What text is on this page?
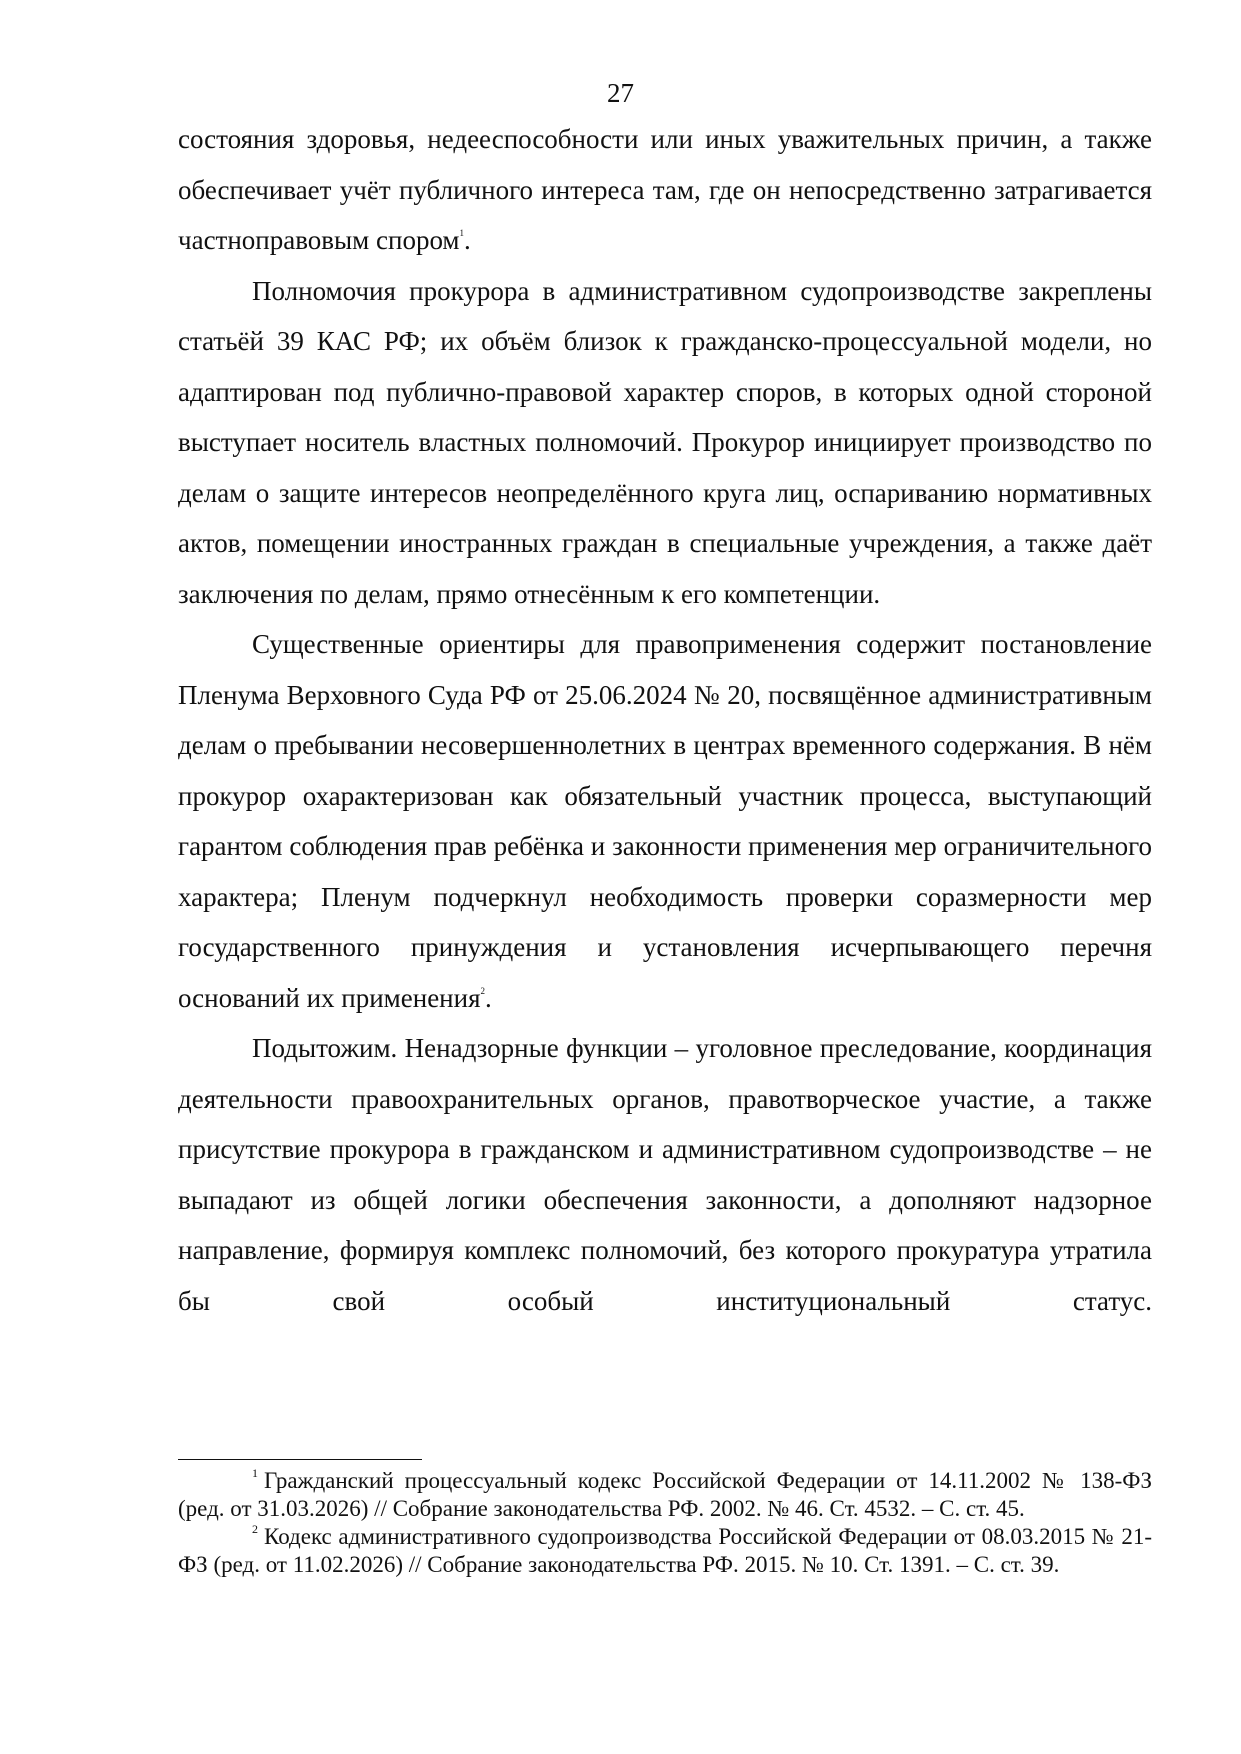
27

состояния здоровья, недееспособности или иных уважительных причин, а также обеспечивает учёт публичного интереса там, где он непосредственно затрагивается частноправовым спором$^1$.

Полномочия прокурора в административном судопроизводстве закреплены статьёй 39 КАС РФ; их объём близок к гражданско-процессуальной модели, но адаптирован под публично-правовой характер споров, в которых одной стороной выступает носитель властных полномочий. Прокурор инициирует производство по делам о защите интересов неопределённого круга лиц, оспариванию нормативных актов, помещении иностранных граждан в специальные учреждения, а также даёт заключения по делам, прямо отнесённым к его компетенции.

Существенные ориентиры для правоприменения содержит постановление Пленума Верховного Суда РФ от 25.06.2024 № 20, посвящённое административным делам о пребывании несовершеннолетних в центрах временного содержания. В нём прокурор охарактеризован как обязательный участник процесса, выступающий гарантом соблюдения прав ребёнка и законности применения мер ограничительного характера; Пленум подчеркнул необходимость проверки соразмерности мер государственного принуждения и установления исчерпывающего перечня оснований их применения$^2$.

Подытожим. Ненадзорные функции – уголовное преследование, координация деятельности правоохранительных органов, правотворческое участие, а также присутствие прокурора в гражданском и административном судопроизводстве – не выпадают из общей логики обеспечения законности, а дополняют надзорное направление, формируя комплекс полномочий, без которого прокуратура утратила бы свой особый институциональный статус.

$^1$ Гражданский процессуальный кодекс Российской Федерации от 14.11.2002 № 138-ФЗ (ред. от 31.03.2026) // Собрание законодательства РФ. 2002. № 46. Ст. 4532. – С. ст. 45.

$^2$ Кодекс административного судопроизводства Российской Федерации от 08.03.2015 № 21-ФЗ (ред. от 11.02.2026) // Собрание законодательства РФ. 2015. № 10. Ст. 1391. – С. ст. 39.
